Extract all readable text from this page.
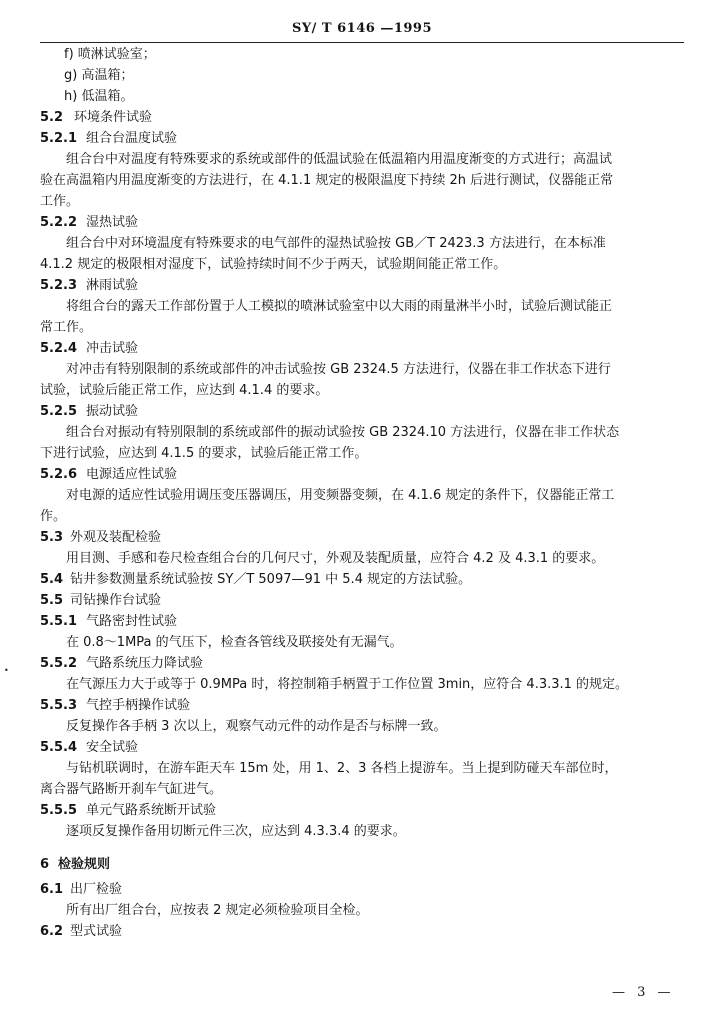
SY/ T 6146 —1995
•
f) 喷淋试验室；
g) 高温箱；
h) 低温箱。
5.2 环境条件试验
5.2.1 组合台温度试验
组合台中对温度有特殊要求的系统或部件的低温试验在低温箱内用温度渐变的方式进行；高温试
验在高温箱内用温度渐变的方法进行，在 4.1.1 规定的极限温度下持续 2h 后进行测试，仪器能正常
工作。
5.2.2 湿热试验
组合台中对环境温度有特殊要求的电气部件的湿热试验按 GB／T 2423.3 方法进行，在本标准
4.1.2 规定的极限相对湿度下，试验持续时间不少于两天，试验期间能正常工作。
5.2.3 淋雨试验
将组合台的露天工作部份置于人工模拟的喷淋试验室中以大雨的雨量淋半小时，试验后测试能正
常工作。
5.2.4 冲击试验
对冲击有特别限制的系统或部件的冲击试验按 GB 2324.5 方法进行，仪器在非工作状态下进行
试验，试验后能正常工作，应达到 4.1.4 的要求。
5.2.5 振动试验
组合台对振动有特别限制的系统或部件的振动试验按 GB 2324.10 方法进行，仪器在非工作状态
下进行试验，应达到 4.1.5 的要求，试验后能正常工作。
5.2.6 电源适应性试验
对电源的适应性试验用调压变压器调压，用变频器变频，在 4.1.6 规定的条件下，仪器能正常工
作。
5.3 外观及装配检验
用目测、手感和卷尺检查组合台的几何尺寸，外观及装配质量，应符合 4.2 及 4.3.1 的要求。
5.4 钻井参数测量系统试验按 SY／T 5097—91 中 5.4 规定的方法试验。
5.5 司钻操作台试验
5.5.1 气路密封性试验
在 0.8～1MPa 的气压下，检查各管线及联接处有无漏气。
5.5.2 气路系统压力降试验
在气源压力大于或等于 0.9MPa 时，将控制箱手柄置于工作位置 3min，应符合 4.3.3.1 的规定。
5.5.3 气控手柄操作试验
反复操作各手柄 3 次以上，观察气动元件的动作是否与标牌一致。
5.5.4 安全试验
与钻机联调时，在游车距天车 15m 处，用 1、2、3 各档上提游车。当上提到防碰天车部位时，
离合器气路断开刹车气缸进气。
5.5.5 单元气路系统断开试验
逐项反复操作备用切断元件三次，应达到 4.3.3.4 的要求。
6 检验规则
6.1 出厂检验
所有出厂组合台，应按表 2 规定必须检验项目全检。
6.2 型式试验
— 3 —
